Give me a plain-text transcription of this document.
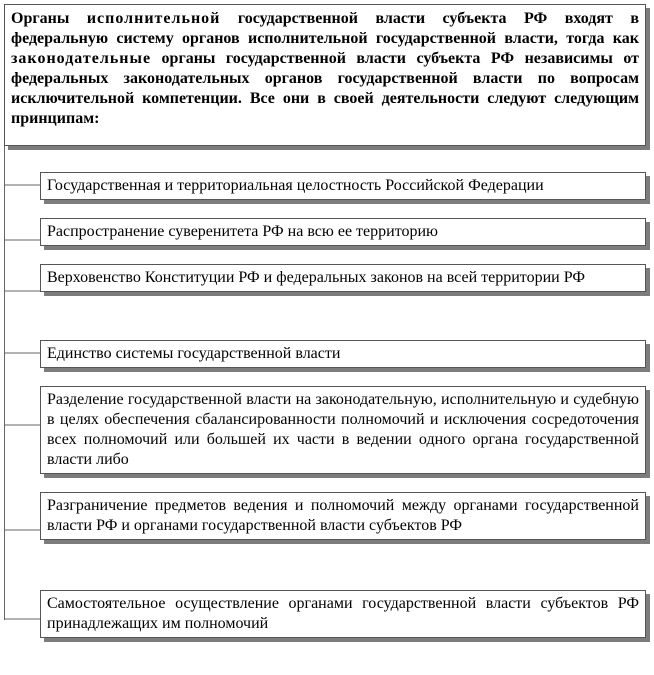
Органы исполнительной государственной власти субъекта РФ входят в федеральную систему органов исполнительной государственной власти, тогда как законодательные органы государственной власти субъекта РФ независимы от федеральных законодательных органов государственной власти по вопросам исключительной компетенции. Все они в своей деятельности следуют следующим принципам:
Государственная и территориальная целостность Российской Федерации
Распространение суверенитета РФ на всю ее территорию
Верховенство Конституции РФ и федеральных законов на всей территории РФ
Единство системы государственной власти
Разделение государственной власти на законодательную, исполнительную и судебную в целях обеспечения сбалансированности полномочий и исключения сосредоточения всех полномочий или большей их части в ведении одного органа государственной власти либо
Разграничение предметов ведения и полномочий между органами государственной власти РФ и органами государственной власти субъектов РФ
Самостоятельное осуществление органами государственной власти субъектов РФ принадлежащих им полномочий
